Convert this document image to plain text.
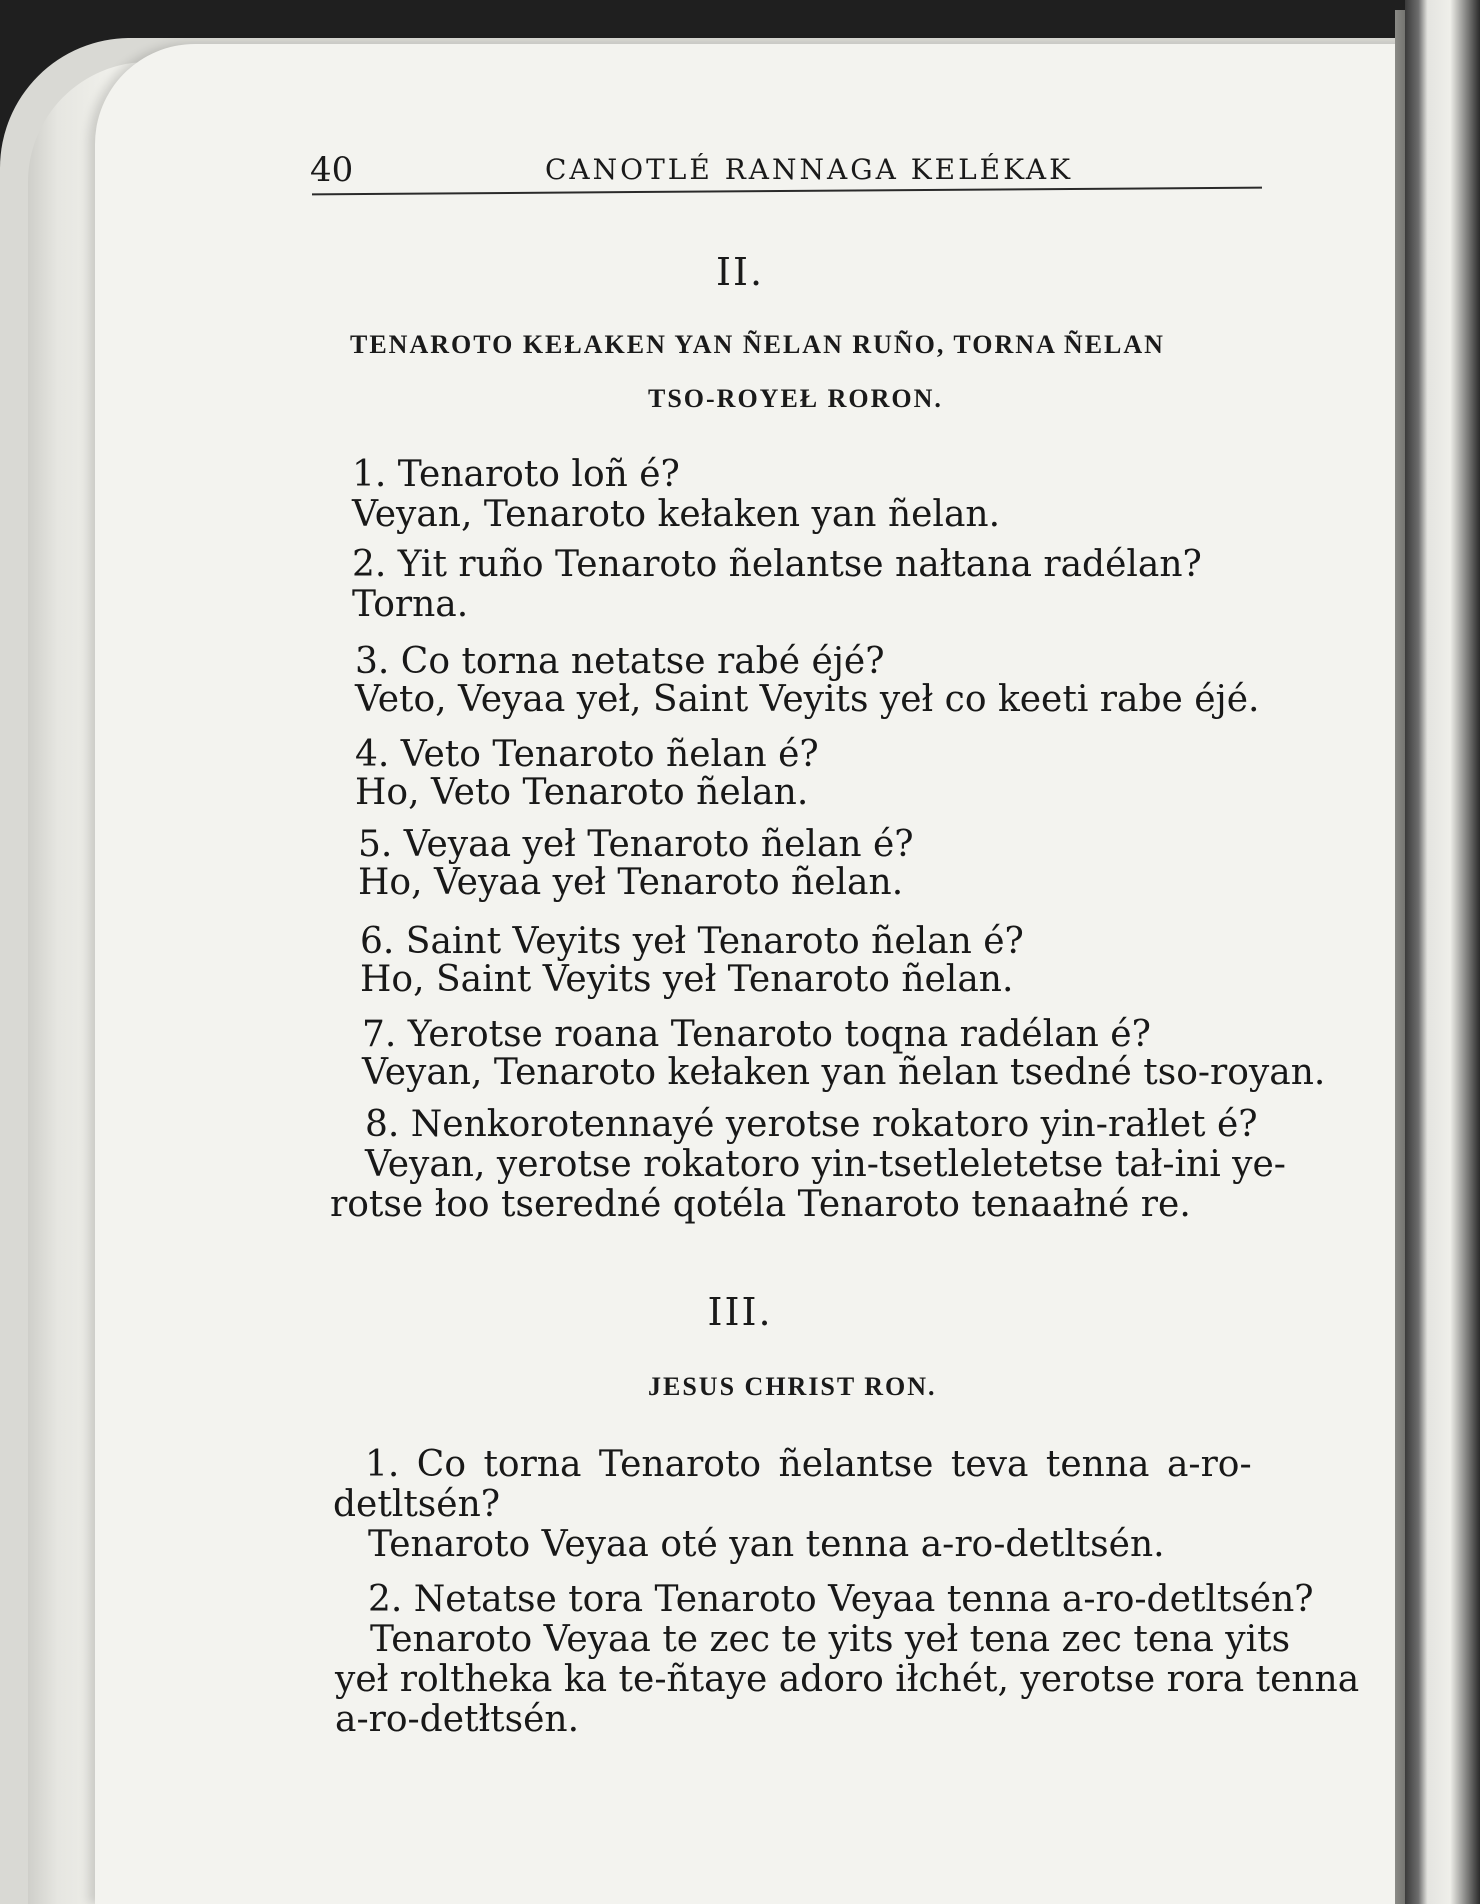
40	CANOTLÉ RANNAGA KELÉKAK
II.
TENAROTO KEŁAKEN YAN ÑELAN RUÑO, TORNA ÑELAN
TSO-ROYEŁ RORON.
1. Tenaroto loñ é?
Veyan, Tenaroto kełaken yan ñelan.
2. Yit ruño Tenaroto ñelantse nałtana radélan?
Torna.
3. Co torna netatse rabé éjé?
Veto, Veyaa yeł, Saint Veyits yeł co keeti rabe éjé.
4. Veto Tenaroto ñelan é?
Ho, Veto Tenaroto ñelan.
5. Veyaa yeł Tenaroto ñelan é?
Ho, Veyaa yeł Tenaroto ñelan.
6. Saint Veyits yeł Tenaroto ñelan é?
Ho, Saint Veyits yeł Tenaroto ñelan.
7. Yerotse roana Tenaroto toqna radélan é?
Veyan, Tenaroto kełaken yan ñelan tsedné tso-royan.
8. Nenkorotennayé yerotse rokatoro yin-rałlet é?
Veyan, yerotse rokatoro yin-tsetleletetse tał-ini ye-
rotse łoo tseredné qotéla Tenaroto tenaałné re.
III.
JESUS CHRIST RON.
1. Co torna Tenaroto ñelantse teva tenna a-ro-
detltsén?
Tenaroto Veyaa oté yan tenna a-ro-detltsén.
2. Netatse tora Tenaroto Veyaa tenna a-ro-detltsén?
Tenaroto Veyaa te zec te yits yeł tena zec tena yits
yeł roltheka ka te-ñtaye adoro iłchét, yerotse rora tenna
a-ro-detłtsén.
